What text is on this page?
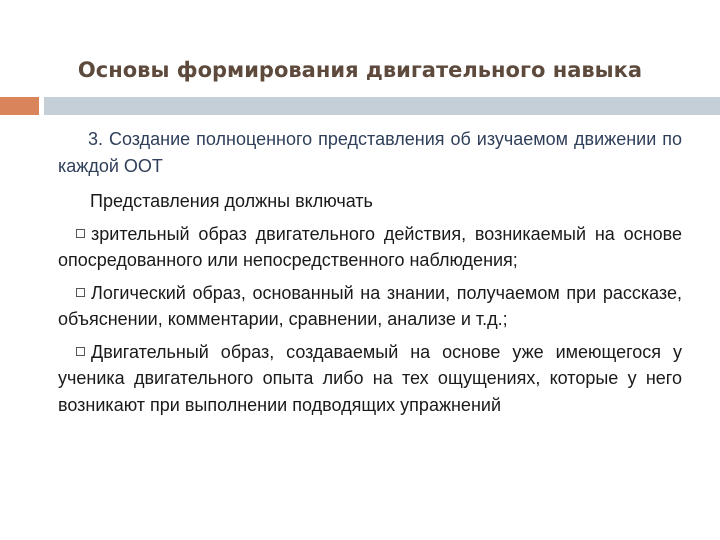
Основы формирования двигательного навыка

3. Создание полноценного представления об изучаемом движении по каждой ООТ

Представления должны включать

зрительный образ двигательного действия, возникаемый на основе опосредованного или непосредственного наблюдения;

Логический образ, основанный на знании, получаемом при рассказе, объяснении, комментарии, сравнении, анализе и т.д.;

Двигательный образ, создаваемый на основе уже имеющегося у ученика двигательного опыта либо на тех ощущениях, которые у него возникают при выполнении подводящих упражнений
